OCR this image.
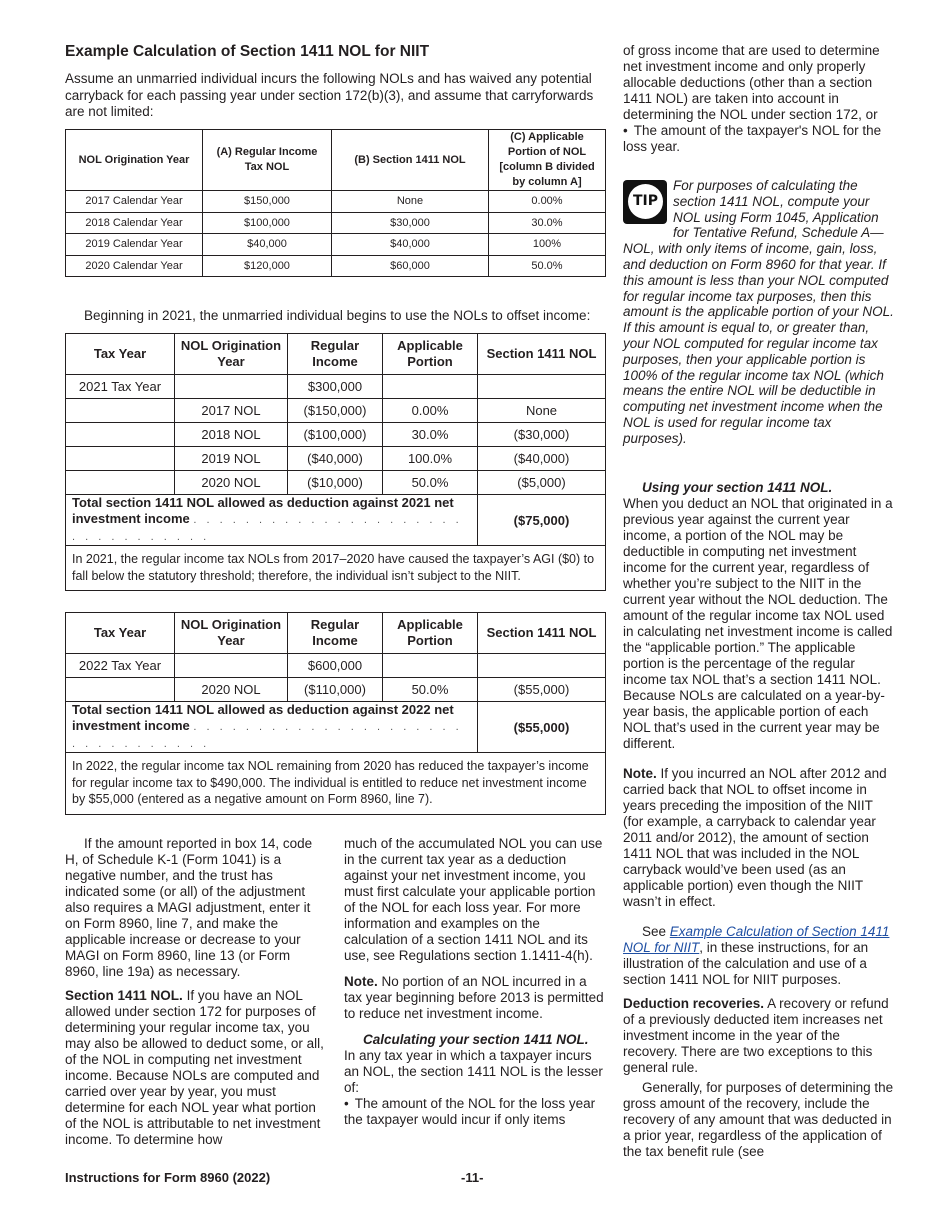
Example Calculation of Section 1411 NOL for NIIT

Assume an unmarried individual incurs the following NOLs and has waived any potential carryback for each passing year under section 172(b)(3), and assume that carryforwards are not limited:

NOL Origination Year	(A) Regular Income Tax NOL	(B) Section 1411 NOL	(C) Applicable Portion of NOL [column B divided by column A]
2017 Calendar Year	$150,000	None	0.00%
2018 Calendar Year	$100,000	$30,000	30.0%
2019 Calendar Year	$40,000	$40,000	100%
2020 Calendar Year	$120,000	$60,000	50.0%

Beginning in 2021, the unmarried individual begins to use the NOLs to offset income:

Tax Year	NOL Origination Year	Regular Income	Applicable Portion	Section 1411 NOL
2021 Tax Year		$300,000		
	2017 NOL	($150,000)	0.00%	None
	2018 NOL	($100,000)	30.0%	($30,000)
	2019 NOL	($40,000)	100.0%	($40,000)
	2020 NOL	($10,000)	50.0%	($5,000)
Total section 1411 NOL allowed as deduction against 2021 net
investment income . . . . . . . . . . . . . . . . . . . . . . . . . . . . . . . .				($75,000)
In 2021, the regular income tax NOLs from 2017–2020 have caused the taxpayer’s AGI ($0) to fall below the statutory threshold; therefore, the individual isn’t subject to the NIIT.				
Tax Year	NOL Origination Year	Regular Income	Applicable Portion	Section 1411 NOL
2022 Tax Year		$600,000		
	2020 NOL	($110,000)	50.0%	($55,000)
Total section 1411 NOL allowed as deduction against 2022 net
investment income . . . . . . . . . . . . . . . . . . . . . . . . . . . . . . . .				($55,000)
In 2022, the regular income tax NOL remaining from 2020 has reduced the taxpayer’s income for regular income tax to $490,000. The individual is entitled to reduce net investment income by $55,000 (entered as a negative amount on Form 8960, line 7).				

If the amount reported in box 14, code H, of Schedule K-1 (Form 1041) is a negative number, and the trust has indicated some (or all) of the adjustment also requires a MAGI adjustment, enter it on Form 8960, line 7, and make the applicable increase or decrease to your MAGI on Form 8960, line 13 (or Form 8960, line 19a) as necessary.

Section 1411 NOL. If you have an NOL allowed under section 172 for purposes of determining your regular income tax, you may also be allowed to deduct some, or all, of the NOL in computing net investment income. Because NOLs are computed and carried over year by year, you must determine for each NOL year what portion of the NOL is attributable to net investment income. To determine how

much of the accumulated NOL you can use in the current tax year as a deduction against your net investment income, you must first calculate your applicable portion of the NOL for each loss year. For more information and examples on the calculation of a section 1411 NOL and its use, see Regulations section 1.1411-4(h).

Note. No portion of an NOL incurred in a tax year beginning before 2013 is permitted to reduce net investment income.

Calculating your section 1411 NOL.
In any tax year in which a taxpayer incurs an NOL, the section 1411 NOL is the lesser of:

• The amount of the NOL for the loss year the taxpayer would incur if only items

of gross income that are used to determine net investment income and only properly allocable deductions (other than a section 1411 NOL) are taken into account in determining the NOL under section 172, or

• The amount of the taxpayer's NOL for the loss year.

TIP
For purposes of calculating the section 1411 NOL, compute your NOL using Form 1045, Application for Tentative Refund, Schedule A—NOL, with only items of income, gain, loss, and deduction on Form 8960 for that year. If this amount is less than your NOL computed for regular income tax purposes, then this amount is the applicable portion of your NOL. If this amount is equal to, or greater than, your NOL computed for regular income tax purposes, then your applicable portion is 100% of the regular income tax NOL (which means the entire NOL will be deductible in computing net investment income when the NOL is used for regular income tax purposes).

Using your section 1411 NOL.
When you deduct an NOL that originated in a previous year against the current year income, a portion of the NOL may be deductible in computing net investment income for the current year, regardless of whether you’re subject to the NIIT in the current year without the NOL deduction. The amount of the regular income tax NOL used in calculating net investment income is called the “applicable portion.” The applicable portion is the percentage of the regular income tax NOL that’s a section 1411 NOL. Because NOLs are calculated on a year-by-year basis, the applicable portion of each NOL that’s used in the current year may be different.

Note. If you incurred an NOL after 2012 and carried back that NOL to offset income in years preceding the imposition of the NIIT (for example, a carryback to calendar year 2011 and/or 2012), the amount of section 1411 NOL that was included in the NOL carryback would’ve been used (as an applicable portion) even though the NIIT wasn’t in effect.

See Example Calculation of Section 1411 NOL for NIIT, in these instructions, for an illustration of the calculation and use of a section 1411 NOL for NIIT purposes.

Deduction recoveries. A recovery or refund of a previously deducted item increases net investment income in the year of the recovery. There are two exceptions to this general rule.

Generally, for purposes of determining the gross amount of the recovery, include the recovery of any amount that was deducted in a prior year, regardless of the application of the tax benefit rule (see

Instructions for Form 8960 (2022)	-11-
